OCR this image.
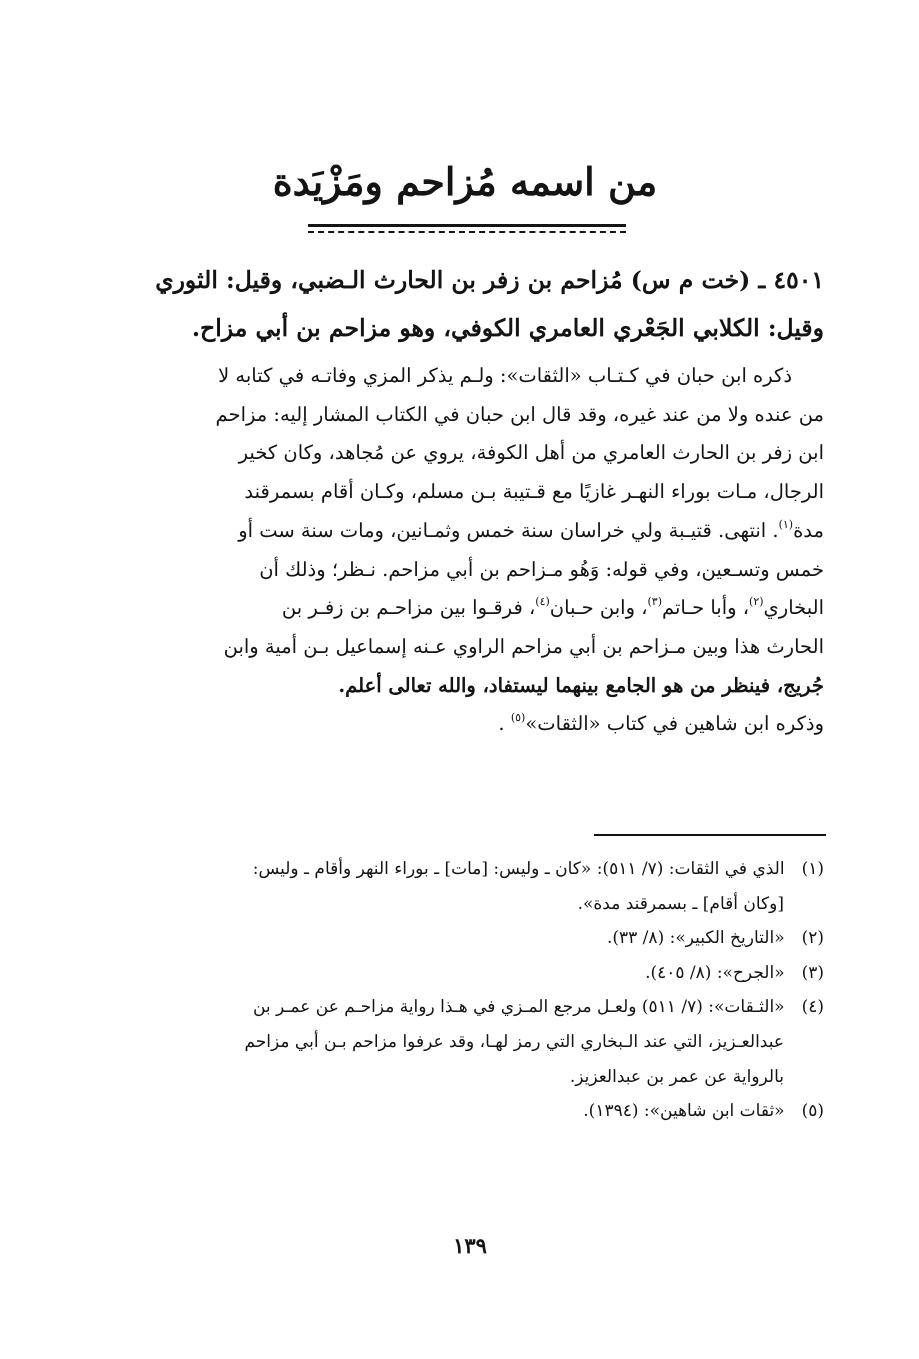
من اسمه مُزاحم ومَزْيَدة
٤٥٠١ ـ (خت م س) مُزاحم بن زفر بن الحارث الـضبي، وقيل: الثوري
وقيل: الكلابي الجَعْري العامري الكوفي، وهو مزاحم بن أبي مزاح.
ذكره ابن حبان في كـتـاب «الثقات»: ولـم يذكر المزي وفاتـه في كتابه لا
من عنده ولا من عند غيره، وقد قال ابن حبان في الكتاب المشار إليه: مزاحم
ابن زفر بن الحارث العامري من أهل الكوفة، يروي عن مُجاهد، وكان كخير
الرجال، مـات بوراء النهـر غازيًا مع قـتيبة بـن مسلم، وكـان أقام بسمرقند
مدة$^{(١)}$. انتهى. قتيـبة ولي خراسان سنة خمس وثمـانين، ومات سنة ست أو
خمس وتسـعين، وفي قوله: وَهُو مـزاحم بن أبي مزاحم. نـظر؛ وذلك أن
البخاري$^{(٢)}$، وأبا حـاتم$^{(٣)}$، وابن حـبان$^{(٤)}$، فرقـوا بين مزاحـم بن زفـر بن
الحارث هذا وبين مـزاحم بن أبي مزاحم الراوي عـنه إسماعيل بـن أمية وابن
جُريج، فينظر من هو الجامع بينهما ليستفاد، والله تعالى أعلم.
وذكره ابن شاهين في كتاب «الثقات»$^{(٥)}$ .
(١) الذي في الثقات: (٧/ ٥١١): «كان ـ وليس: [مات] ـ بوراء النهر وأقام ـ وليس:
[وكان أقام] ـ بسمرقند مدة».
(٢) «التاريخ الكبير»: (٨/ ٣٣).
(٣) «الجرح»: (٨/ ٤٠٥).
(٤) «الثـقات»: (٧/ ٥١١) ولعـل مرجع المـزي في هـذا رواية مزاحـم عن عمـر بن
عبدالعـزيز، التي عند الـبخاري التي رمز لهـا، وقد عرفوا مزاحم بـن أبي مزاحم
بالرواية عن عمر بن عبدالعزيز.
(٥) «ثقات ابن شاهين»: (١٣٩٤).
١٣٩
